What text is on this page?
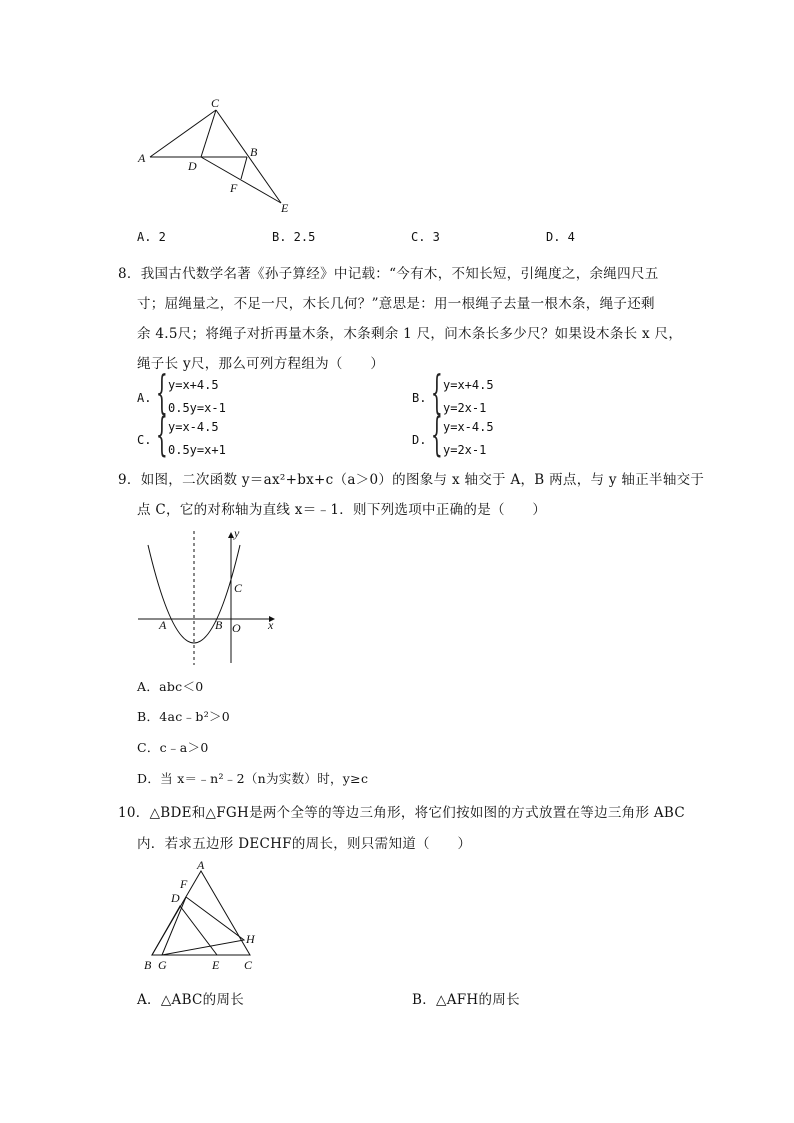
C
A
D
B
F
E
A. 2	B. 2.5	C. 3	D. 4
8．我国古代数学名著《孙子算经》中记载：“今有木，不知长短，引绳度之，余绳四尺五
寸；屈绳量之，不足一尺，木长几何？”意思是：用一根绳子去量一根木条，绳子还剩
余 4.5尺；将绳子对折再量木条，木条剩余 1 尺，问木条长多少尺？如果设木条长 x 尺，
绳子长 y尺，那么可列方程组为（　　）
A. { y=x+4.5
0.5y=x-1
B. { y=x+4.5
y=2x-1
C. { y=x-4.5
0.5y=x+1
D. { y=x-4.5
y=2x-1
9．如图，二次函数 y＝ax²+bx+c（a＞0）的图象与 x 轴交于 A，B 两点，与 y 轴正半轴交于
点 C，它的对称轴为直线 x＝﹣1．则下列选项中正确的是（　　）
y
x
C
A	B O
A．abc＜0
B．4ac﹣b²＞0
C．c﹣a＞0
D．当 x＝﹣n²﹣2（n为实数）时，y≥c
10．△BDE和△FGH是两个全等的等边三角形，将它们按如图的方式放置在等边三角形 ABC
内．若求五边形 DECHF的周长，则只需知道（　　）
A
F
D
H
B G	E C
A．△ABC的周长	B．△AFH的周长
